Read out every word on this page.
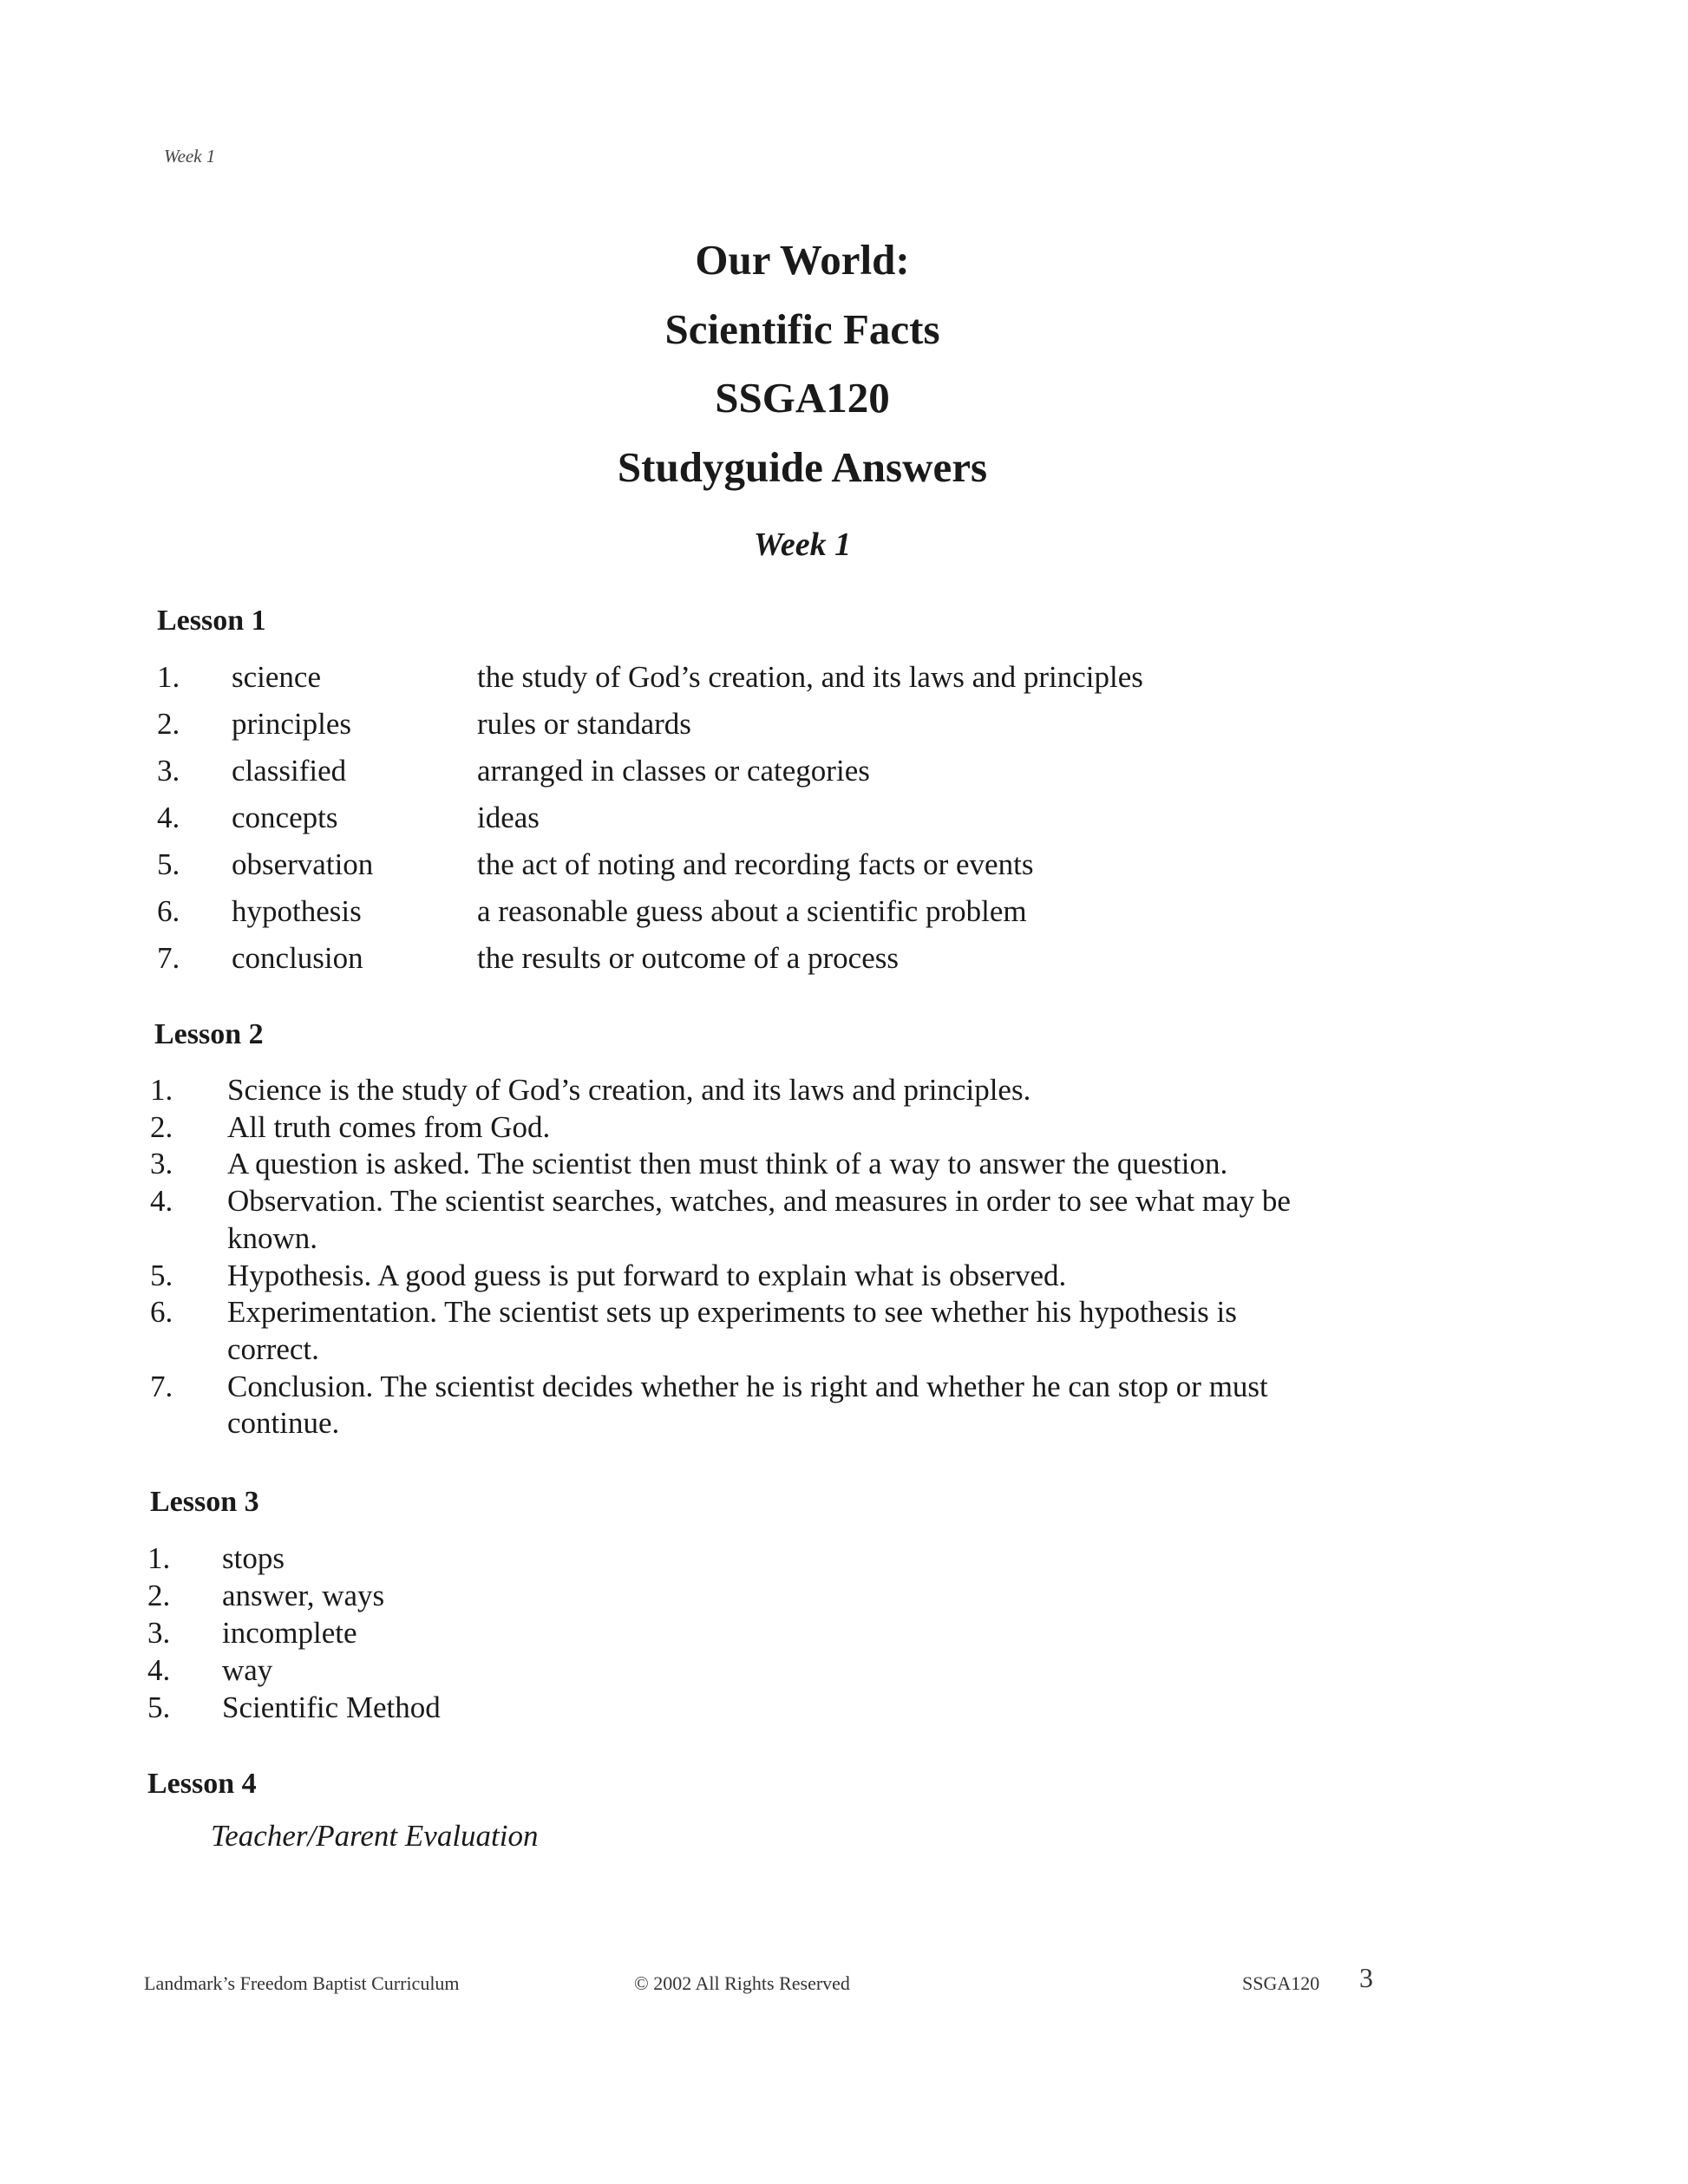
Week 1
Our World:
Scientific Facts
SSGA120
Studyguide Answers
Week 1
Lesson 1
1. science	the study of God’s creation, and its laws and principles
2. principles	rules or standards
3. classified	arranged in classes or categories
4. concepts	ideas
5. observation	the act of noting and recording facts or events
6. hypothesis	a reasonable guess about a scientific problem
7. conclusion	the results or outcome of a process
Lesson 2
1. Science is the study of God’s creation, and its laws and principles.
2. All truth comes from God.
3. A question is asked. The scientist then must think of a way to answer the question.
4. Observation. The scientist searches, watches, and measures in order to see what may be known.
5. Hypothesis. A good guess is put forward to explain what is observed.
6. Experimentation. The scientist sets up experiments to see whether his hypothesis is correct.
7. Conclusion. The scientist decides whether he is right and whether he can stop or must continue.
Lesson 3
1. stops
2. answer, ways
3. incomplete
4. way
5. Scientific Method
Lesson 4
Teacher/Parent Evaluation
Landmark’s Freedom Baptist Curriculum	© 2002 All Rights Reserved	SSGA120 3
